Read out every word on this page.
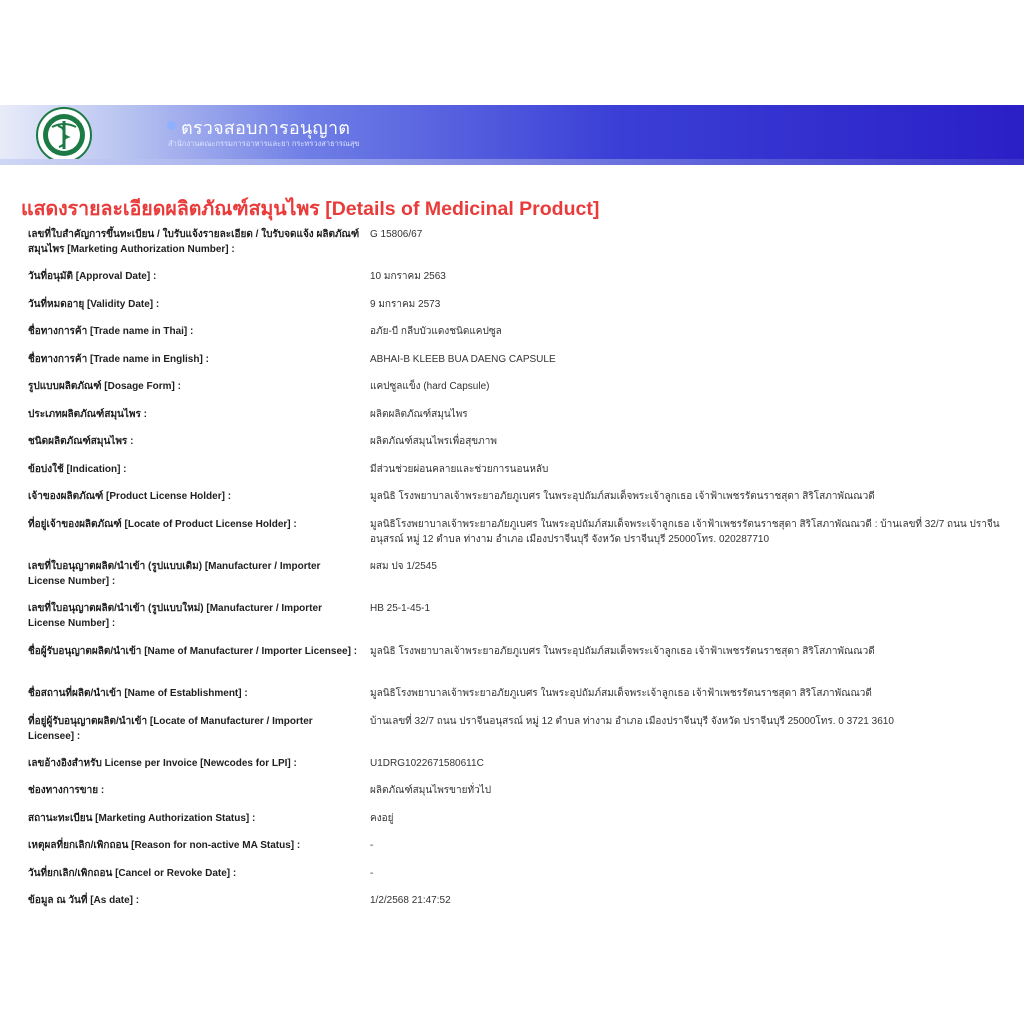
ตรวจสอบการอนุญาต
สำนักงานคณะกรรมการอาหารและยา กระทรวงสาธารณสุข
แสดงรายละเอียดผลิตภัณฑ์สมุนไพร [Details of Medicinal Product]
เลขที่ใบสำคัญการขึ้นทะเบียน / ใบรับแจ้งรายละเอียด / ใบรับจดแจ้ง ผลิตภัณฑ์สมุนไพร [Marketing Authorization Number] :
G 15806/67
วันที่อนุมัติ [Approval Date] :	10 มกราคม 2563
วันที่หมดอายุ [Validity Date] :	9 มกราคม 2573
ชื่อทางการค้า [Trade name in Thai] :	อภัย-บี กลีบบัวแดงชนิดแคปซูล
ชื่อทางการค้า [Trade name in English] :	ABHAI-B KLEEB BUA DAENG CAPSULE
รูปแบบผลิตภัณฑ์ [Dosage Form] :	แคปซูลแข็ง (hard Capsule)
ประเภทผลิตภัณฑ์สมุนไพร :	ผลิตผลิตภัณฑ์สมุนไพร
ชนิดผลิตภัณฑ์สมุนไพร :	ผลิตภัณฑ์สมุนไพรเพื่อสุขภาพ
ข้อบ่งใช้ [Indication] :	มีส่วนช่วยผ่อนคลายและช่วยการนอนหลับ
เจ้าของผลิตภัณฑ์ [Product License Holder] :	มูลนิธิ โรงพยาบาลเจ้าพระยาอภัยภูเบศร ในพระอุปถัมภ์สมเด็จพระเจ้าลูกเธอ เจ้าฟ้าเพชรรัตนราชสุดา สิริโสภาพัณณวดี
ที่อยู่เจ้าของผลิตภัณฑ์ [Locate of Product License Holder] :	มูลนิธิโรงพยาบาลเจ้าพระยาอภัยภูเบศร ในพระอุปถัมภ์สมเด็จพระเจ้าลูกเธอ เจ้าฟ้าเพชรรัตนราชสุดา สิริโสภาพัณณวดี : บ้านเลขที่ 32/7 ถนน ปราจีนอนุสรณ์ หมู่ 12 ตำบล ท่างาม อำเภอ เมืองปราจีนบุรี จังหวัด ปราจีนบุรี 25000โทร. 020287710
เลขที่ใบอนุญาตผลิต/นำเข้า (รูปแบบเดิม) [Manufacturer / Importer License Number] :
ผสม ปจ 1/2545
เลขที่ใบอนุญาตผลิต/นำเข้า (รูปแบบใหม่) [Manufacturer / Importer License Number] :
HB 25-1-45-1
ชื่อผู้รับอนุญาตผลิต/นำเข้า [Name of Manufacturer / Importer Licensee] :	มูลนิธิ โรงพยาบาลเจ้าพระยาอภัยภูเบศร ในพระอุปถัมภ์สมเด็จพระเจ้าลูกเธอ เจ้าฟ้าเพชรรัตนราชสุดา สิริโสภาพัณณวดี
ชื่อสถานที่ผลิต/นำเข้า [Name of Establishment] :	มูลนิธิโรงพยาบาลเจ้าพระยาอภัยภูเบศร ในพระอุปถัมภ์สมเด็จพระเจ้าลูกเธอ เจ้าฟ้าเพชรรัตนราชสุดา สิริโสภาพัณณวดี
ที่อยู่ผู้รับอนุญาตผลิต/นำเข้า [Locate of Manufacturer / Importer Licensee] :
บ้านเลขที่ 32/7 ถนน ปราจีนอนุสรณ์ หมู่ 12 ตำบล ท่างาม อำเภอ เมืองปราจีนบุรี จังหวัด ปราจีนบุรี 25000โทร. 0 3721 3610
เลขอ้างอิงสำหรับ License per Invoice [Newcodes for LPI] :	U1DRG1022671580611C
ช่องทางการขาย :	ผลิตภัณฑ์สมุนไพรขายทั่วไป
สถานะทะเบียน [Marketing Authorization Status] :	คงอยู่
เหตุผลที่ยกเลิก/เพิกถอน [Reason for non-active MA Status] :	-
วันที่ยกเลิก/เพิกถอน [Cancel or Revoke Date] :	-
ข้อมูล ณ วันที่ [As date] :	1/2/2568 21:47:52
